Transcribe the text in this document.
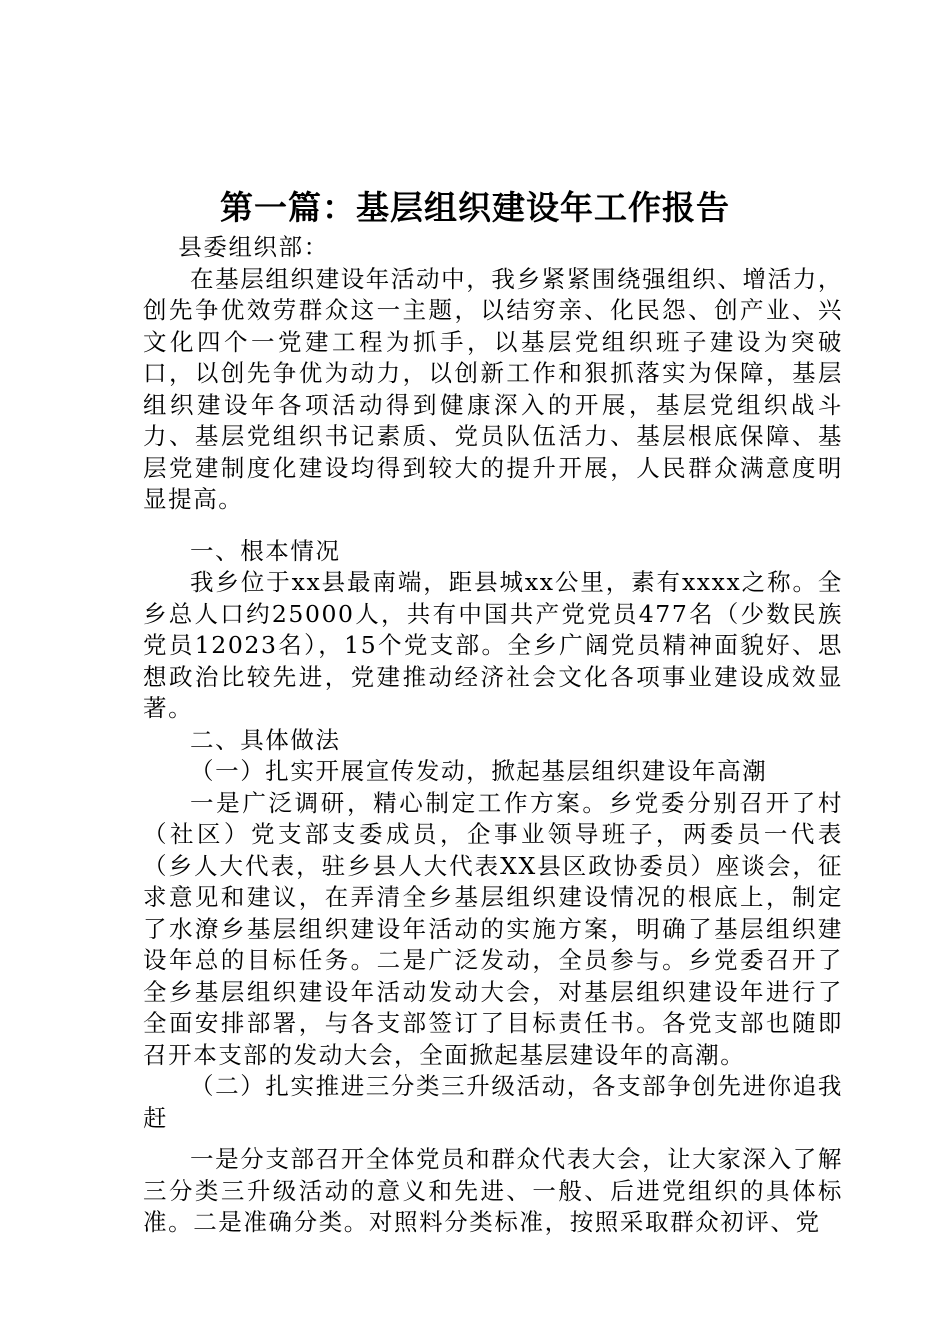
第一篇：基层组织建设年工作报告

县委组织部：

在基层组织建设年活动中，我乡紧紧围绕强组织、增活力，创先争优效劳群众这一主题，以结穷亲、化民怨、创产业、兴文化四个一党建工程为抓手，以基层党组织班子建设为突破口，以创先争优为动力，以创新工作和狠抓落实为保障，基层组织建设年各项活动得到健康深入的开展，基层党组织战斗力、基层党组织书记素质、党员队伍活力、基层根底保障、基层党建制度化建设均得到较大的提升开展，人民群众满意度明显提高。

一、根本情况

我乡位于xx县最南端，距县城xx公里，素有xxxx之称。全乡总人口约25000人，共有中国共产党党员477名（少数民族党员12023名），15个党支部。全乡广阔党员精神面貌好、思想政治比较先进，党建推动经济社会文化各项事业建设成效显著。

二、具体做法

（一）扎实开展宣传发动，掀起基层组织建设年高潮

一是广泛调研，精心制定工作方案。乡党委分别召开了村（社区）党支部支委成员，企事业领导班子，两委员一代表（乡人大代表，驻乡县人大代表XX县区政协委员）座谈会，征求意见和建议，在弄清全乡基层组织建设情况的根底上，制定了水潦乡基层组织建设年活动的实施方案，明确了基层组织建设年总的目标任务。二是广泛发动，全员参与。乡党委召开了全乡基层组织建设年活动发动大会，对基层组织建设年进行了全面安排部署，与各支部签订了目标责任书。各党支部也随即召开本支部的发动大会，全面掀起基层建设年的高潮。

（二）扎实推进三分类三升级活动，各支部争创先进你追我赶

一是分支部召开全体党员和群众代表大会，让大家深入了解三分类三升级活动的意义和先进、一般、后进党组织的具体标准。二是准确分类。对照料分类标准，按照采取群众初评、党
